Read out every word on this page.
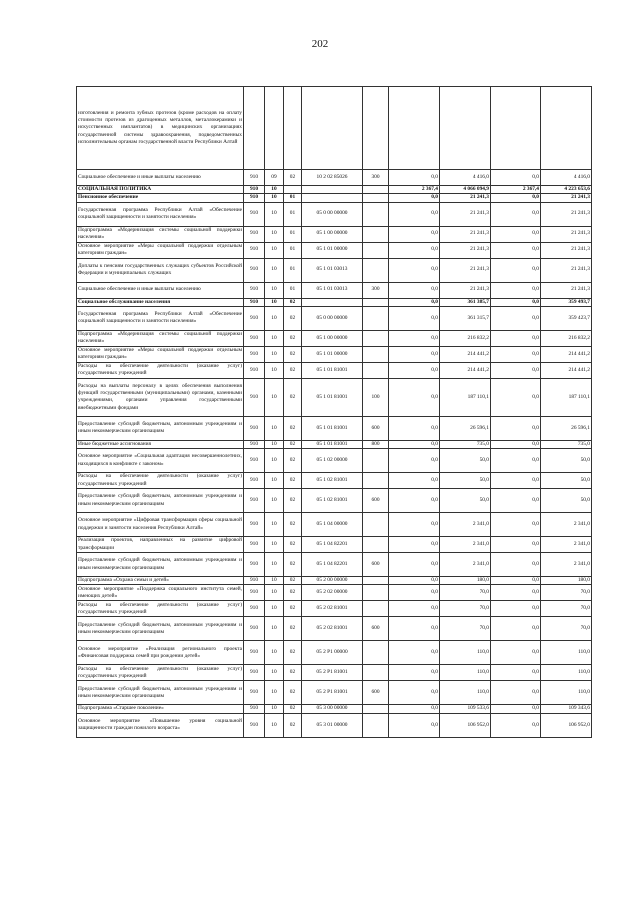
202
изготовления и ремонта зубных протезов (кроме расходов на оплату стоимости протезов из драгоценных металлов, металлокерамики и искусственных имплантатов) в медицинских организациях государственной системы здравоохранения, подведомственных исполнительным органам государственной власти Республики Алтай									
Социальное обеспечение и иные выплаты населению	910	09	02	10 2 02 85026	300	0,0	4 416,0	0,0	4 416,0
СОЦИАЛЬНАЯ ПОЛИТИКА	910	10				2 367,4	4 066 094,9	2 367,4	4 223 653,6
Пенсионное обеспечение	910	10	01			0,0	21 241,3	0,0	21 241,3
Государственная программа Республики Алтай «Обеспечение социальной защищенности и занятости населения»	910	10	01	05 0 00 00000		0,0	21 241,3	0,0	21 241,3
Подпрограмма «Модернизация системы социальной поддержки населения»	910	10	01	05 1 00 00000		0,0	21 241,3	0,0	21 241,3
Основное мероприятие «Меры социальной поддержки отдельным категориям граждан»	910	10	01	05 1 01 00000		0,0	21 241,3	0,0	21 241,3
Доплаты к пенсиям государственных служащих субъектов Российской Федерации и муниципальных служащих	910	10	01	05 1 01 03013		0,0	21 241,3	0,0	21 241,3
Социальное обеспечение и иные выплаты населению	910	10	01	05 1 01 03013	300	0,0	21 241,3	0,0	21 241,3
Социальное обслуживание населения	910	10	02			0,0	361 385,7	0,0	359 493,7
Государственная программа Республики Алтай «Обеспечение социальной защищенности и занятости населения»	910	10	02	05 0 00 00000		0,0	361 315,7	0,0	359 423,7
Подпрограмма «Модернизация системы социальной поддержки населения»	910	10	02	05 1 00 00000		0,0	216 832,2	0,0	216 832,2
Основное мероприятие «Меры социальной поддержки отдельным категориям граждан»	910	10	02	05 1 01 00000		0,0	214 441,2	0,0	214 441,2
Расходы на обеспечение деятельности (оказание услуг) государственных учреждений	910	10	02	05 1 01 81001		0,0	214 441,2	0,0	214 441,2
Расходы на выплаты персоналу в целях обеспечения выполнения функций государственными (муниципальными) органами, казенными учреждениями, органами управления государственными внебюджетными фондами	910	10	02	05 1 01 81001	100	0,0	187 110,1	0,0	187 110,1
Предоставление субсидий бюджетным, автономным учреждениям и иным некоммерческим организациям	910	10	02	05 1 01 81001	600	0,0	26 596,1	0,0	26 596,1
Иные бюджетные ассигнования	910	10	02	05 1 01 81001	800	0,0	735,0	0,0	735,0
Основное мероприятие «Социальная адаптация несовершеннолетних, находящихся в конфликте с законом»	910	10	02	05 1 02 00000		0,0	50,0	0,0	50,0
Расходы на обеспечение деятельности (оказание услуг) государственных учреждений	910	10	02	05 1 02 81001		0,0	50,0	0,0	50,0
Предоставление субсидий бюджетным, автономным учреждениям и иным некоммерческим организациям	910	10	02	05 1 02 81001	600	0,0	50,0	0,0	50,0
Основное мероприятие «Цифровая трансформация сферы социальной поддержки и занятости населения Республики Алтай»	910	10	02	05 1 04 00000		0,0	2 341,0	0,0	2 341,0
Реализация проектов, направленных на развитие цифровой трансформации	910	10	02	05 1 04 82201		0,0	2 341,0	0,0	2 341,0
Предоставление субсидий бюджетным, автономным учреждениям и иным некоммерческим организациям	910	10	02	05 1 04 82201	600	0,0	2 341,0	0,0	2 341,0
Подпрограмма «Охрана семьи и детей»	910	10	02	05 2 00 00000		0,0	180,0	0,0	180,0
Основное мероприятие «Поддержка социального института семей, имеющих детей»	910	10	02	05 2 02 00000		0,0	70,0	0,0	70,0
Расходы на обеспечение деятельности (оказание услуг) государственных учреждений	910	10	02	05 2 02 81001		0,0	70,0	0,0	70,0
Предоставление субсидий бюджетным, автономным учреждениям и иным некоммерческим организациям	910	10	02	05 2 02 81001	600	0,0	70,0	0,0	70,0
Основное мероприятие «Реализация регионального проекта «Финансовая поддержка семей при рождении детей»	910	10	02	05 2 P1 00000		0,0	110,0	0,0	110,0
Расходы на обеспечение деятельности (оказание услуг) государственных учреждений	910	10	02	05 2 P1 81001		0,0	110,0	0,0	110,0
Предоставление субсидий бюджетным, автономным учреждениям и иным некоммерческим организациям	910	10	02	05 2 P1 81001	600	0,0	110,0	0,0	110,0
Подпрограмма «Старшее поколение»	910	10	02	05 3 00 00000		0,0	109 533,6	0,0	109 343,6
Основное мероприятие «Повышение уровня социальной защищенности граждан пожилого возраста»	910	10	02	05 3 01 00000		0,0	106 952,0	0,0	106 952,0
